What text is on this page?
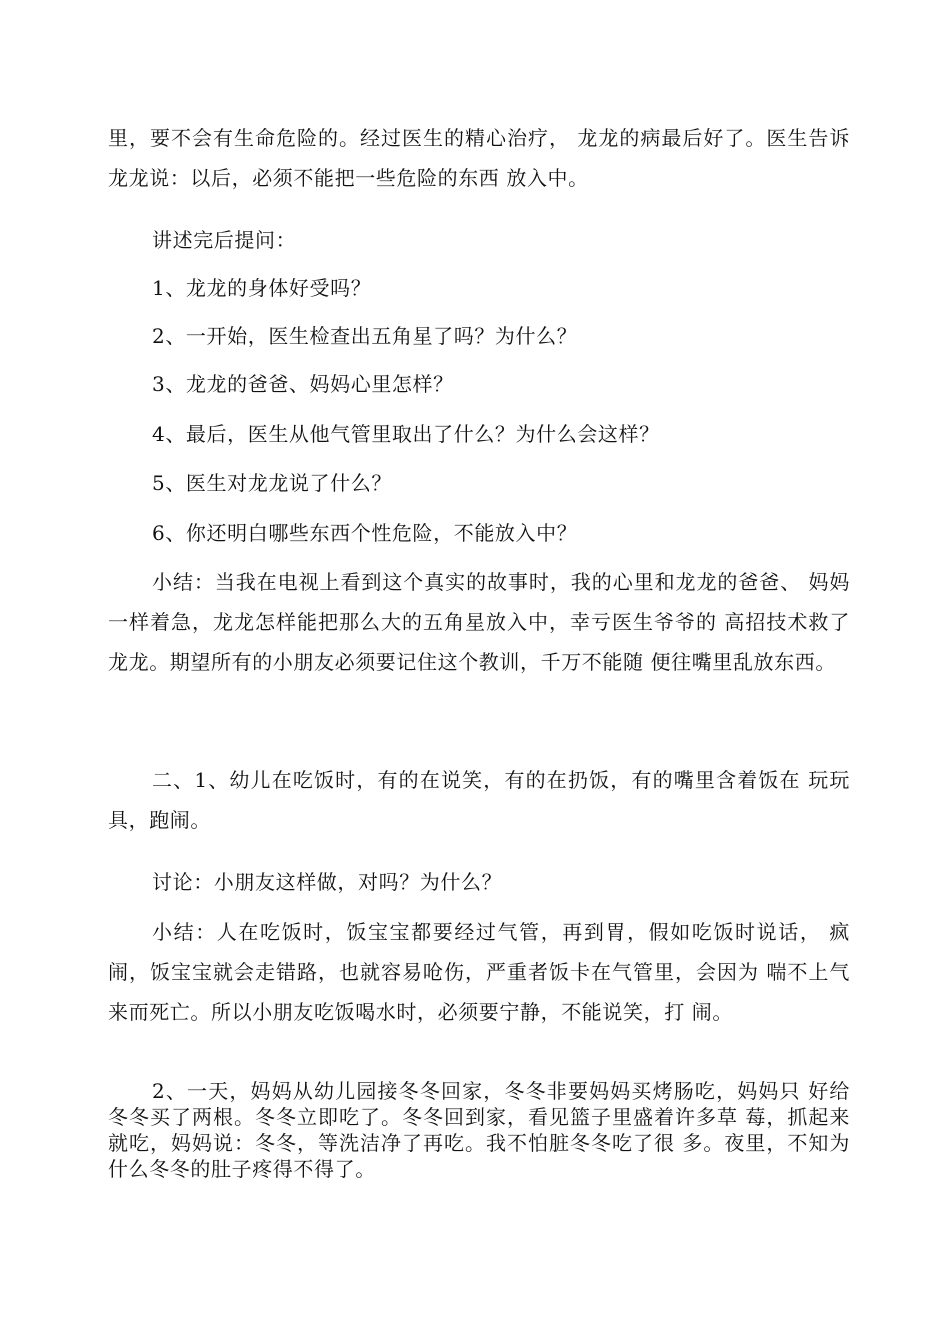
里，要不会有生命危险的。经过医生的精心治疗， 龙龙的病最后好了。医生告诉龙龙说：以后，必须不能把一些危险的东西 放入中。

讲述完后提问：

1、龙龙的身体好受吗？

2、一开始，医生检查出五角星了吗？为什么？

3、龙龙的爸爸、妈妈心里怎样？

4、最后，医生从他气管里取出了什么？为什么会这样？

5、医生对龙龙说了什么？

6、你还明白哪些东西个性危险，不能放入中？

小结：当我在电视上看到这个真实的故事时，我的心里和龙龙的爸爸、 妈妈一样着急，龙龙怎样能把那么大的五角星放入中，幸亏医生爷爷的 高招技术救了龙龙。期望所有的小朋友必须要记住这个教训，千万不能随 便往嘴里乱放东西。

二、1、幼儿在吃饭时，有的在说笑，有的在扔饭，有的嘴里含着饭在 玩玩具，跑闹。

讨论：小朋友这样做，对吗？为什么？

小结：人在吃饭时，饭宝宝都要经过气管，再到胃，假如吃饭时说话， 疯闹，饭宝宝就会走错路，也就容易呛伤，严重者饭卡在气管里，会因为 喘不上气来而死亡。所以小朋友吃饭喝水时，必须要宁静，不能说笑，打 闹。

2、一天，妈妈从幼儿园接冬冬回家，冬冬非要妈妈买烤肠吃，妈妈只 好给冬冬买了两根。冬冬立即吃了。冬冬回到家，看见篮子里盛着许多草 莓，抓起来就吃，妈妈说：冬冬，等洗洁净了再吃。我不怕脏冬冬吃了很 多。夜里，不知为什么冬冬的肚子疼得不得了。
